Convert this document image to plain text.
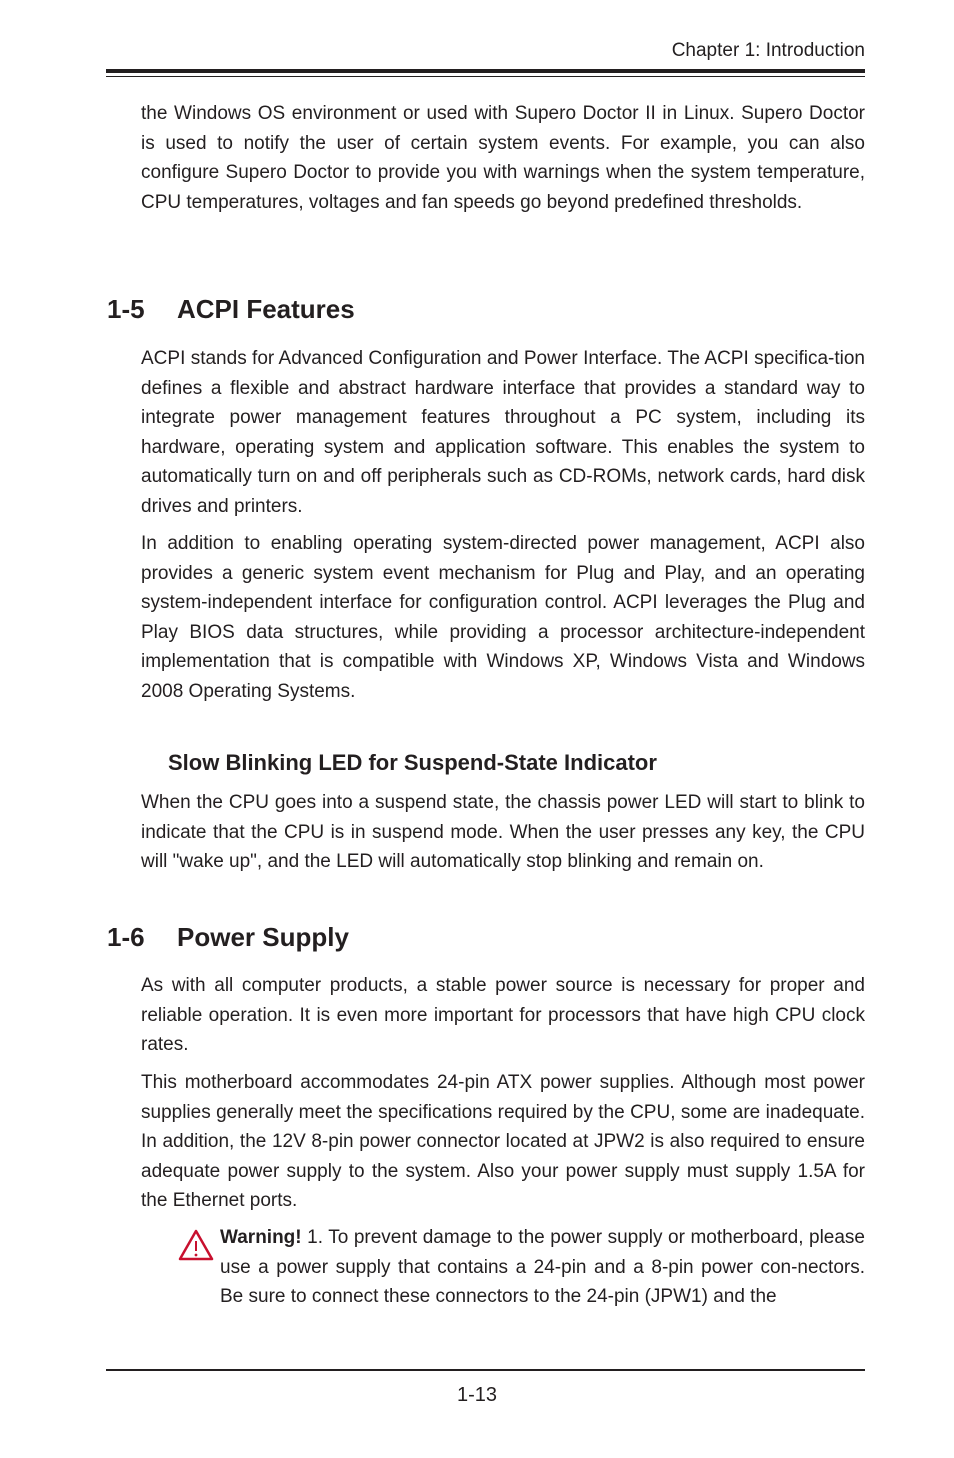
Chapter 1: Introduction

the Windows OS environment or used with Supero Doctor II in Linux. Supero Doctor is used to notify the user of certain system events. For example, you can also configure Supero Doctor to provide you with warnings when the system temperature, CPU temperatures, voltages and fan speeds go beyond predefined thresholds.

1-5 ACPI Features

ACPI stands for Advanced Configuration and Power Interface. The ACPI specifica-tion defines a flexible and abstract hardware interface that provides a standard way to integrate power management features throughout a PC system, including its hardware, operating system and application software. This enables the system to automatically turn on and off peripherals such as CD-ROMs, network cards, hard disk drives and printers.

In addition to enabling operating system-directed power management, ACPI also provides a generic system event mechanism for Plug and Play, and an operating system-independent interface for configuration control. ACPI leverages the Plug and Play BIOS data structures, while providing a processor architecture-independent implementation that is compatible with Windows XP, Windows Vista and Windows 2008 Operating Systems.

Slow Blinking LED for Suspend-State Indicator

When the CPU goes into a suspend state, the chassis power LED will start to blink to indicate that the CPU is in suspend mode. When the user presses any key, the CPU will "wake up", and the LED will automatically stop blinking and remain on.

1-6 Power Supply

As with all computer products, a stable power source is necessary for proper and reliable operation. It is even more important for processors that have high CPU clock rates.

This motherboard accommodates 24-pin ATX power supplies. Although most power supplies generally meet the specifications required by the CPU, some are inadequate. In addition, the 12V 8-pin power connector located at JPW2 is also required to ensure adequate power supply to the system. Also your power supply must supply 1.5A for the Ethernet ports.

Warning! 1. To prevent damage to the power supply or motherboard, please use a power supply that contains a 24-pin and a 8-pin power con-nectors. Be sure to connect these connectors to the 24-pin (JPW1) and the

1-13
